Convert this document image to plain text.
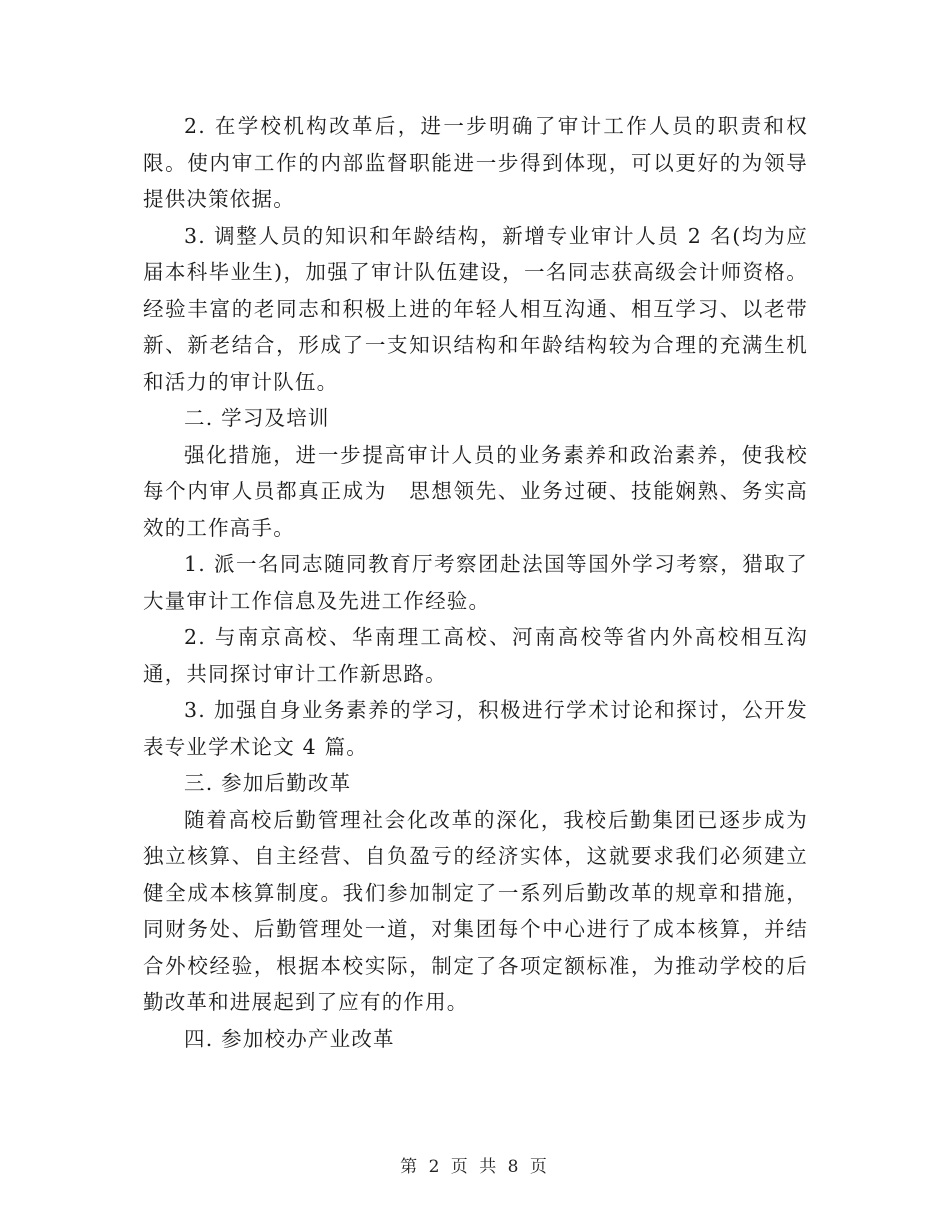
2. 在学校机构改革后，进一步明确了审计工作人员的职责和权限。使内审工作的内部监督职能进一步得到体现，可以更好的为领导提供决策依据。

3. 调整人员的知识和年龄结构，新增专业审计人员 2 名(均为应届本科毕业生)，加强了审计队伍建设，一名同志获高级会计师资格。经验丰富的老同志和积极上进的年轻人相互沟通、相互学习、以老带新、新老结合，形成了一支知识结构和年龄结构较为合理的充满生机和活力的审计队伍。

二. 学习及培训

强化措施，进一步提高审计人员的业务素养和政治素养，使我校每个内审人员都真正成为　思想领先、业务过硬、技能娴熟、务实高效的工作高手。

1. 派一名同志随同教育厅考察团赴法国等国外学习考察，猎取了大量审计工作信息及先进工作经验。

2. 与南京高校、华南理工高校、河南高校等省内外高校相互沟通，共同探讨审计工作新思路。

3. 加强自身业务素养的学习，积极进行学术讨论和探讨，公开发表专业学术论文 4 篇。

三. 参加后勤改革

随着高校后勤管理社会化改革的深化，我校后勤集团已逐步成为独立核算、自主经营、自负盈亏的经济实体，这就要求我们必须建立健全成本核算制度。我们参加制定了一系列后勤改革的规章和措施，同财务处、后勤管理处一道，对集团每个中心进行了成本核算，并结合外校经验，根据本校实际，制定了各项定额标准，为推动学校的后勤改革和进展起到了应有的作用。

四. 参加校办产业改革

第 2 页 共 8 页
